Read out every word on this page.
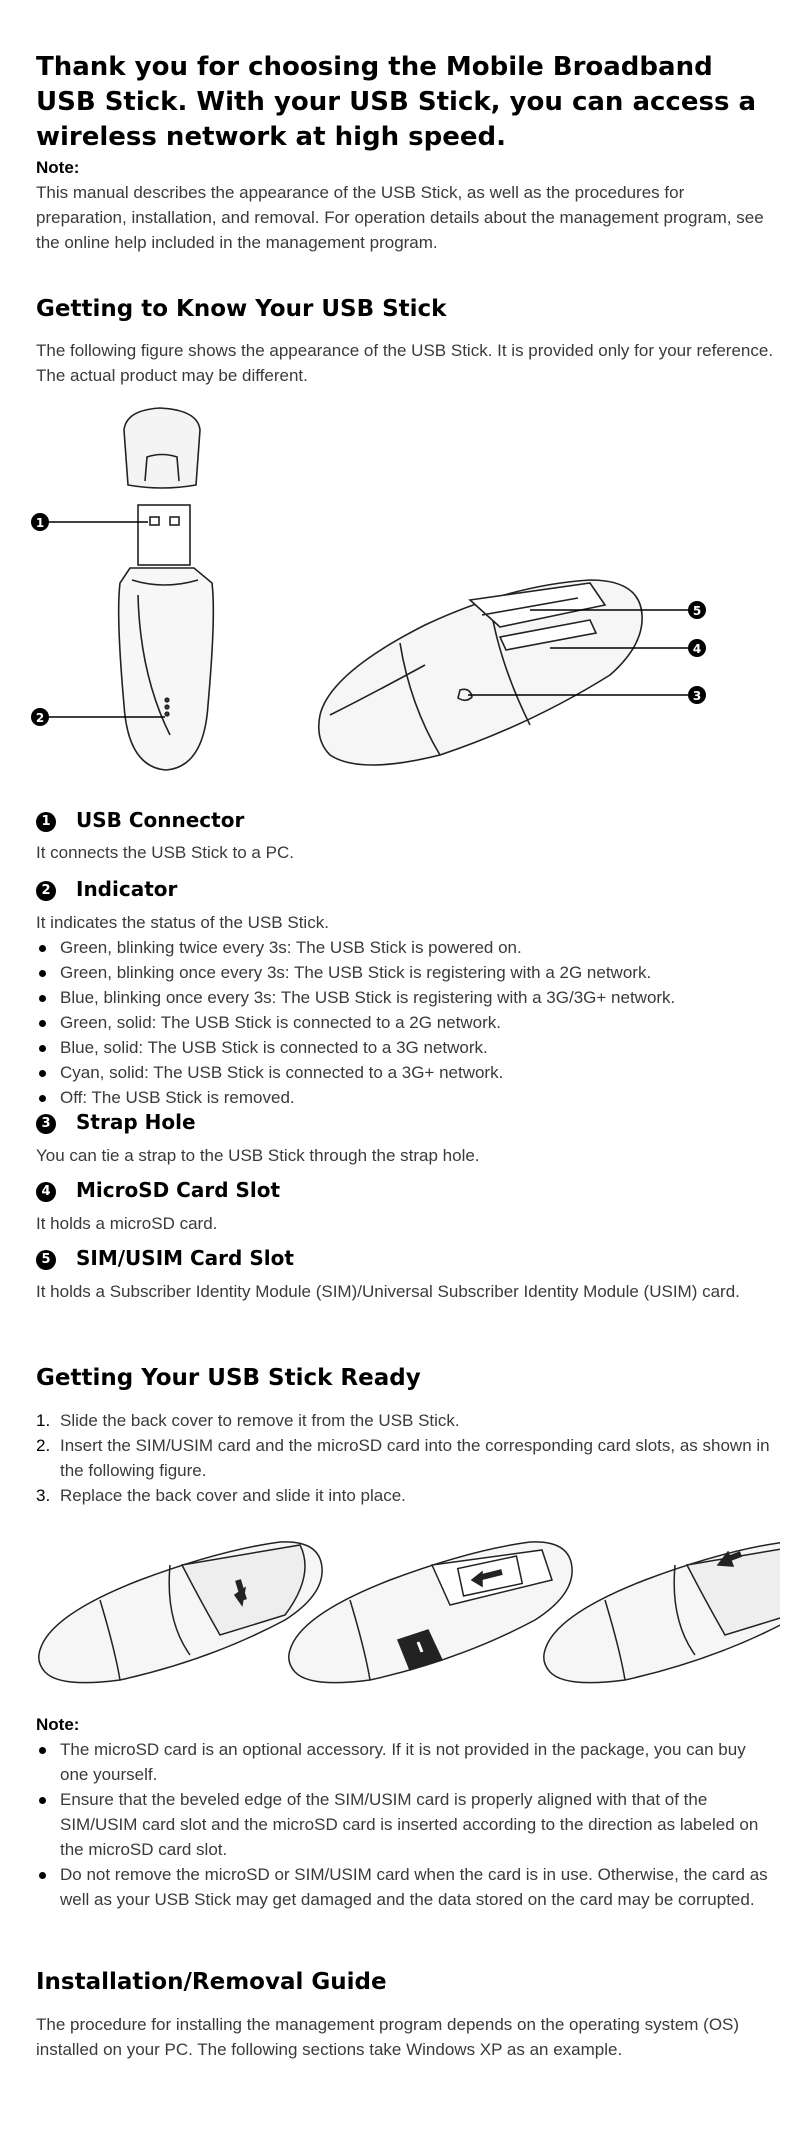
Thank you for choosing the Mobile Broadband USB Stick. With your USB Stick, you can access a wireless network at high speed.
Note:
This manual describes the appearance of the USB Stick, as well as the procedures for preparation, installation, and removal. For operation details about the management program, see the online help included in the management program.
Getting to Know Your USB Stick
The following figure shows the appearance of the USB Stick. It is provided only for your reference. The actual product may be different.
1
2
5
4
3
1 USB Connector
It connects the USB Stick to a PC.
2 Indicator
It indicates the status of the USB Stick.
Green, blinking twice every 3s: The USB Stick is powered on.
Green, blinking once every 3s: The USB Stick is registering with a 2G network.
Blue, blinking once every 3s: The USB Stick is registering with a 3G/3G+ network.
Green, solid: The USB Stick is connected to a 2G network.
Blue, solid: The USB Stick is connected to a 3G network.
Cyan, solid: The USB Stick is connected to a 3G+ network.
Off: The USB Stick is removed.
3 Strap Hole
You can tie a strap to the USB Stick through the strap hole.
4 MicroSD Card Slot
It holds a microSD card.
5 SIM/USIM Card Slot
It holds a Subscriber Identity Module (SIM)/Universal Subscriber Identity Module (USIM) card.
Getting Your USB Stick Ready
1. Slide the back cover to remove it from the USB Stick.
2. Insert the SIM/USIM card and the microSD card into the corresponding card slots, as shown in the following figure.
3. Replace the back cover and slide it into place.
Note:
The microSD card is an optional accessory. If it is not provided in the package, you can buy one yourself.
Ensure that the beveled edge of the SIM/USIM card is properly aligned with that of the SIM/USIM card slot and the microSD card is inserted according to the direction as labeled on the microSD card slot.
Do not remove the microSD or SIM/USIM card when the card is in use. Otherwise, the card as well as your USB Stick may get damaged and the data stored on the card may be corrupted.
Installation/Removal Guide
The procedure for installing the management program depends on the operating system (OS) installed on your PC. The following sections take Windows XP as an example.
